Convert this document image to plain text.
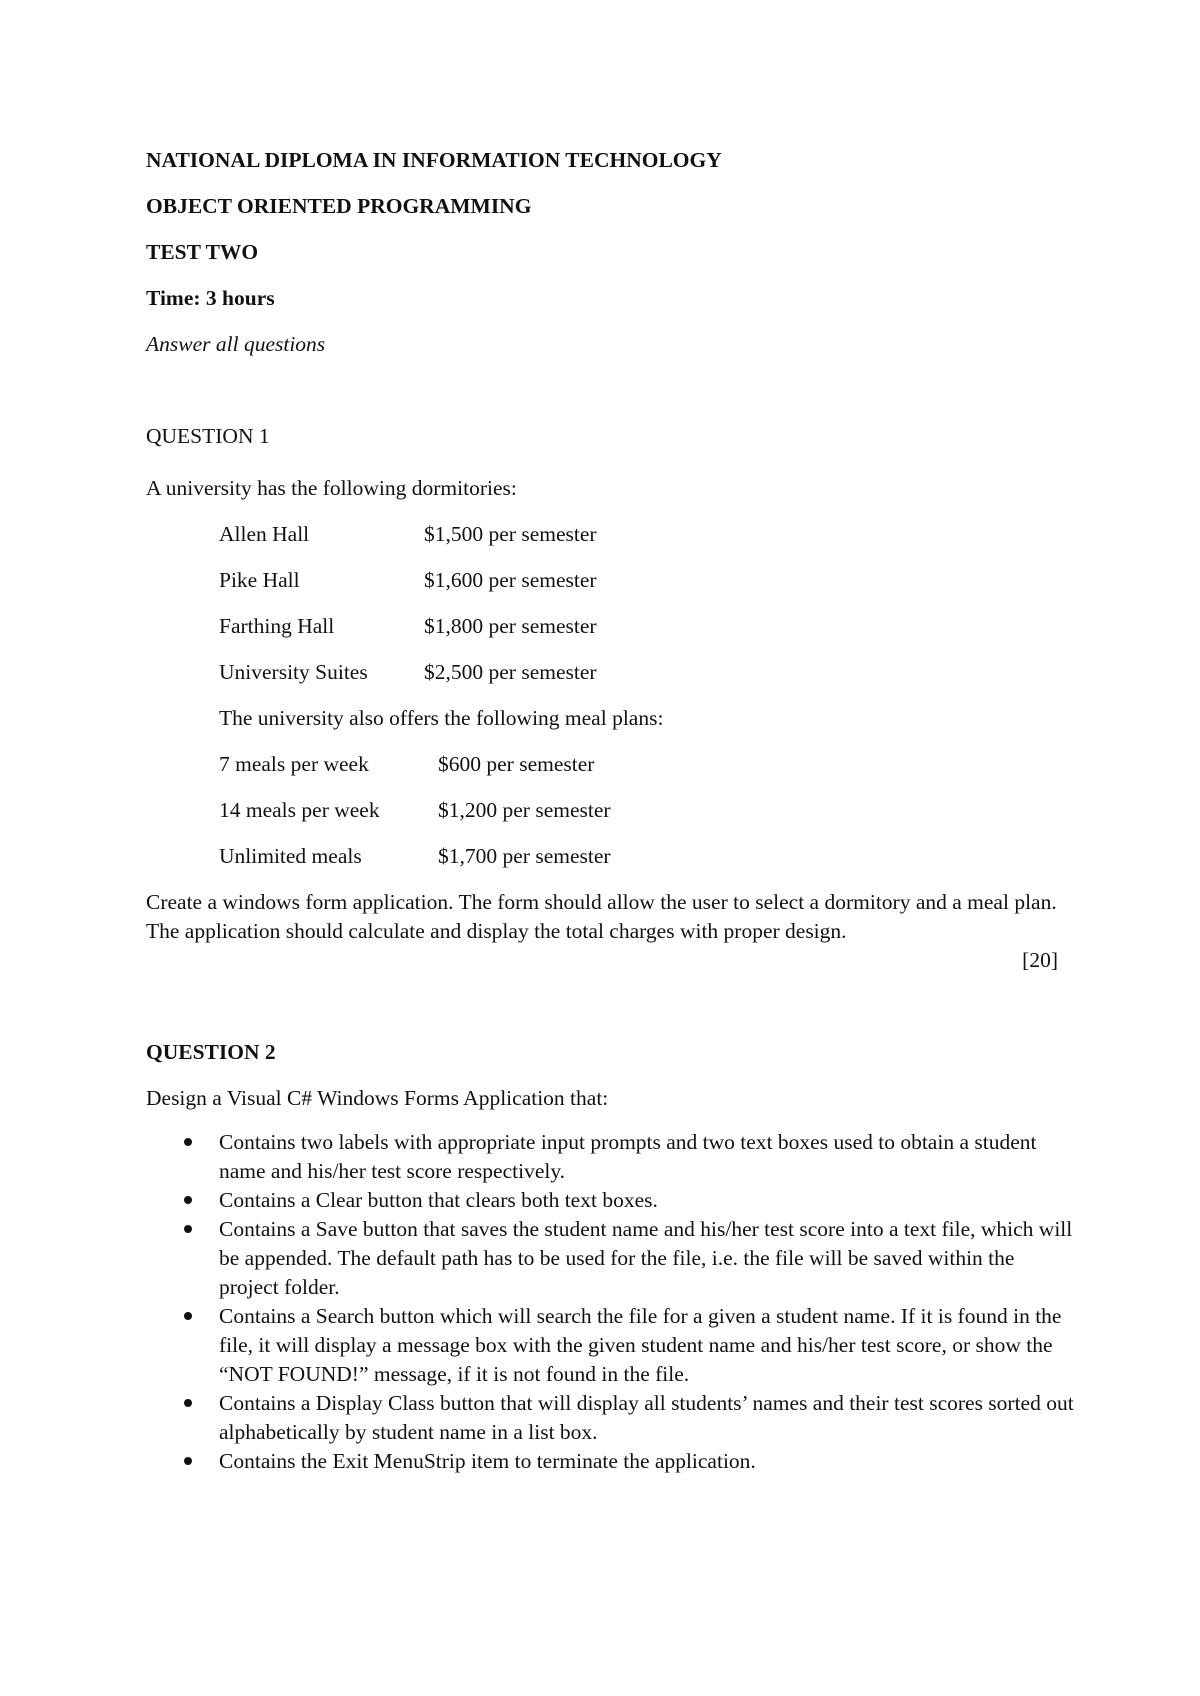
NATIONAL DIPLOMA IN INFORMATION TECHNOLOGY
OBJECT ORIENTED PROGRAMMING
TEST TWO
Time: 3 hours
Answer all questions
QUESTION 1
A university has the following dormitories:
Allen Hall	$1,500 per semester
Pike Hall	$1,600 per semester
Farthing Hall	$1,800 per semester
University Suites	$2,500 per semester
The university also offers the following meal plans:
7 meals per week	$600 per semester
14 meals per week	$1,200 per semester
Unlimited meals	$1,700 per semester
Create a windows form application. The form should allow the user to select a dormitory and a meal plan. The application should calculate and display the total charges with proper design.
[20]
QUESTION 2
Design a Visual C# Windows Forms Application that:
Contains two labels with appropriate input prompts and two text boxes used to obtain a student name and his/her test score respectively.
Contains a Clear button that clears both text boxes.
Contains a Save button that saves the student name and his/her test score into a text file, which will be appended. The default path has to be used for the file, i.e. the file will be saved within the project folder.
Contains a Search button which will search the file for a given a student name. If it is found in the file, it will display a message box with the given student name and his/her test score, or show the “NOT FOUND!” message, if it is not found in the file.
Contains a Display Class button that will display all students’ names and their test scores sorted out alphabetically by student name in a list box.
Contains the Exit MenuStrip item to terminate the application.
